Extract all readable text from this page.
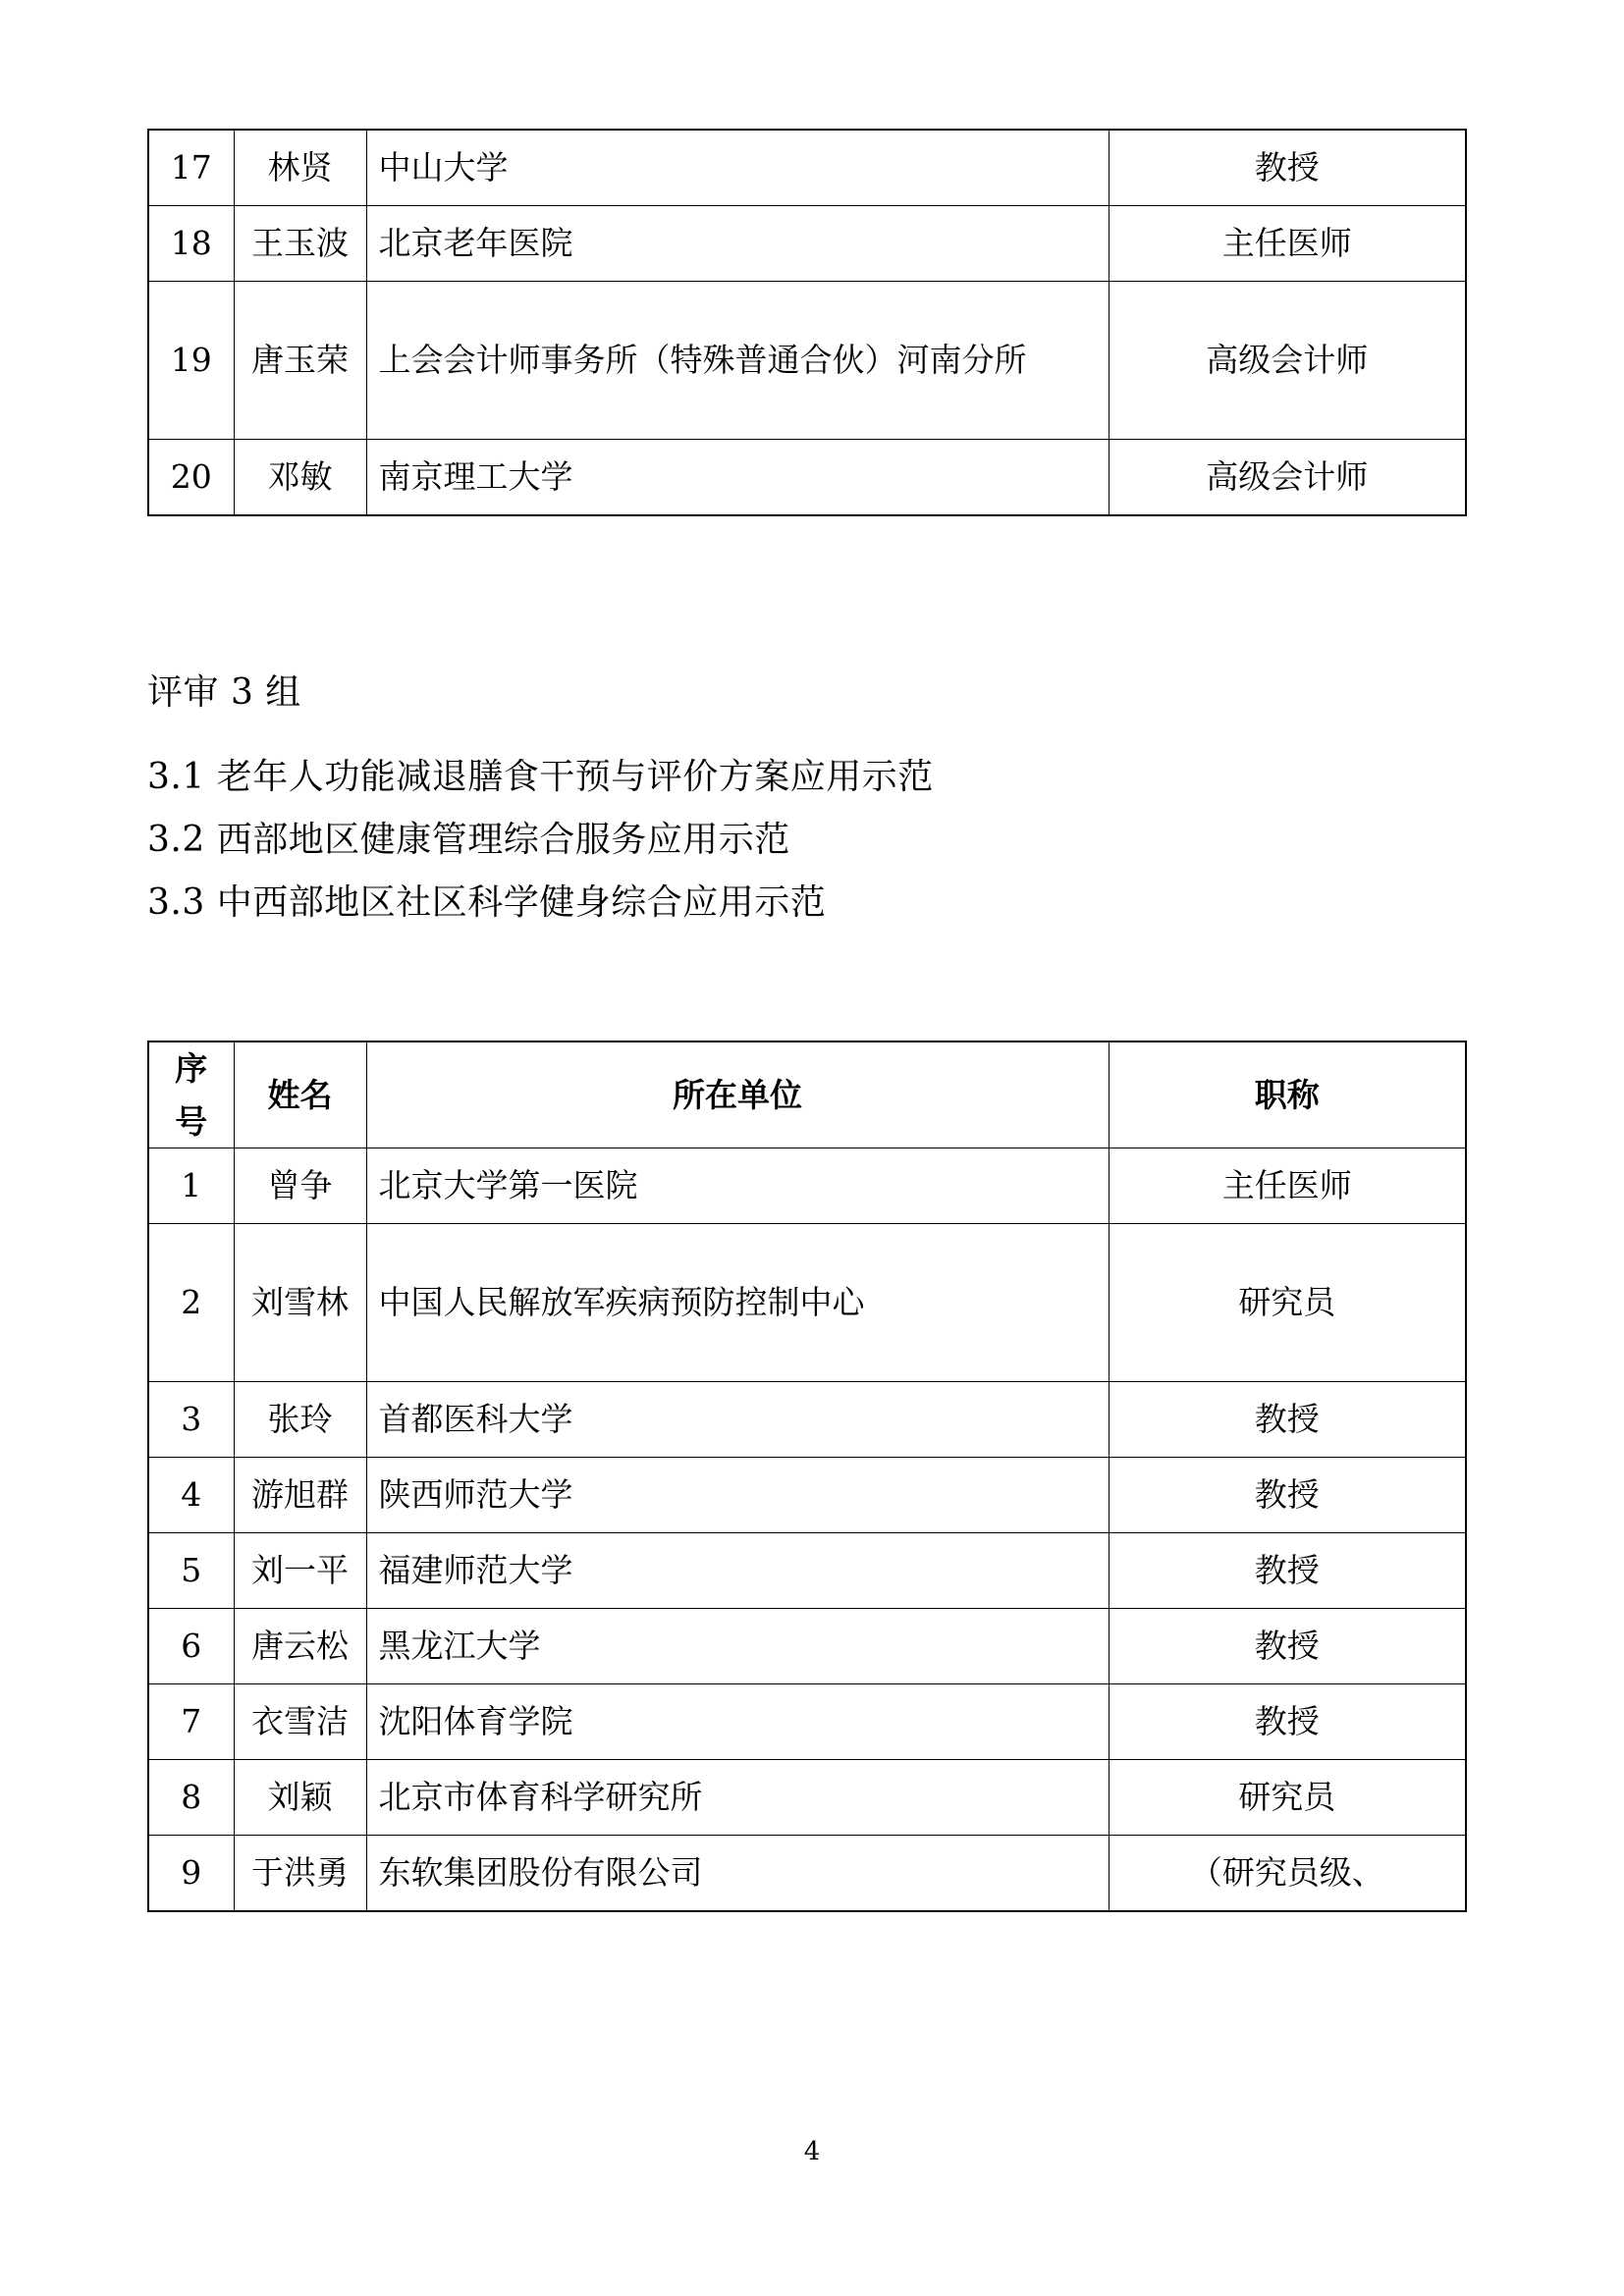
17	林贤	中山大学	教授
18	王玉波	北京老年医院	主任医师
19	唐玉荣	上会会计师事务所（特殊普通合伙）河南分所	高级会计师
20	邓敏	南京理工大学	高级会计师

评审 3 组

3.1 老年人功能减退膳食干预与评价方案应用示范

3.2 西部地区健康管理综合服务应用示范

3.3 中西部地区社区科学健身综合应用示范

序号	姓名	所在单位	职称
1	曾争	北京大学第一医院	主任医师
2	刘雪林	中国人民解放军疾病预防控制中心	研究员
3	张玲	首都医科大学	教授
4	游旭群	陕西师范大学	教授
5	刘一平	福建师范大学	教授
6	唐云松	黑龙江大学	教授
7	衣雪洁	沈阳体育学院	教授
8	刘颖	北京市体育科学研究所	研究员
9	于洪勇	东软集团股份有限公司	（研究员级、
4
